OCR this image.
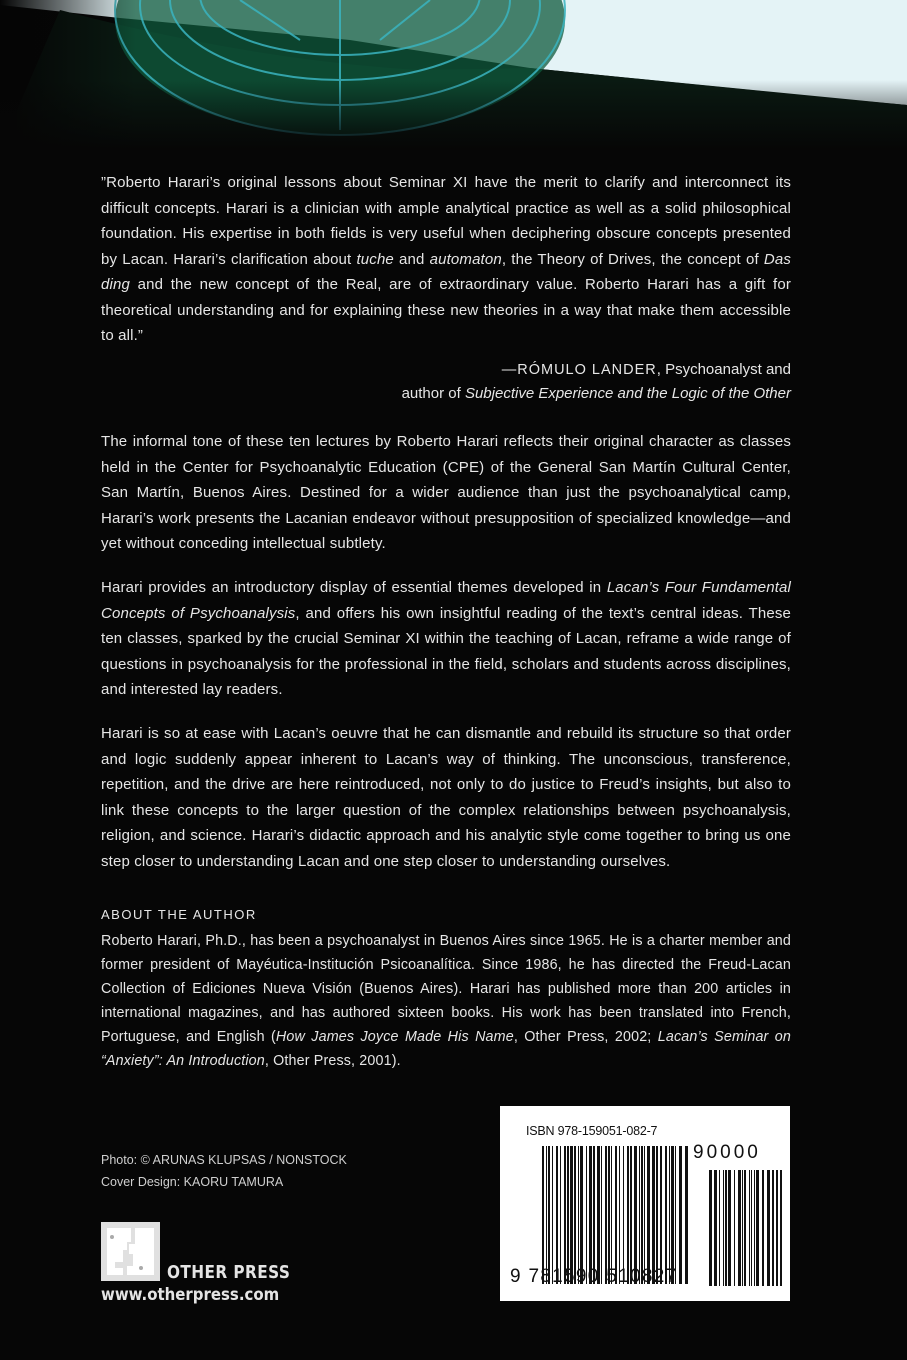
”Roberto Harari’s original lessons about Seminar XI have the merit to clarify and interconnect its difficult concepts. Harari is a clinician with ample analytical practice as well as a solid philosophical foundation. His expertise in both fields is very useful when deciphering obscure concepts presented by Lacan. Harari’s clarification about tuche and automaton, the Theory of Drives, the concept of Das ding and the new concept of the Real, are of extraordinary value. Roberto Harari has a gift for theoretical understanding and for explaining these new theories in a way that make them accessible to all.”
—RÓMULO LANDER, Psychoanalyst and
author of Subjective Experience and the Logic of the Other
The informal tone of these ten lectures by Roberto Harari reflects their original character as classes held in the Center for Psychoanalytic Education (CPE) of the General San Martín Cultural Center, San Martín, Buenos Aires. Destined for a wider audience than just the psychoanalytical camp, Harari’s work presents the Lacanian endeavor without presupposition of specialized knowledge—and yet without conceding intellectual subtlety.
Harari provides an introductory display of essential themes developed in Lacan’s Four Fundamental Concepts of Psychoanalysis, and offers his own insightful reading of the text’s central ideas. These ten classes, sparked by the crucial Seminar XI within the teaching of Lacan, reframe a wide range of questions in psychoanalysis for the professional in the field, scholars and students across disciplines, and interested lay readers.
Harari is so at ease with Lacan’s oeuvre that he can dismantle and rebuild its structure so that order and logic suddenly appear inherent to Lacan’s way of thinking. The unconscious, transference, repetition, and the drive are here reintroduced, not only to do justice to Freud’s insights, but also to link these concepts to the larger question of the complex relationships between psychoanalysis, religion, and science. Harari’s didactic approach and his analytic style come together to bring us one step closer to understanding Lacan and one step closer to understanding ourselves.
ABOUT THE AUTHOR
Roberto Harari, Ph.D., has been a psychoanalyst in Buenos Aires since 1965. He is a charter member and former president of Mayéutica-Institución Psicoanalítica. Since 1986, he has directed the Freud-Lacan Collection of Ediciones Nueva Visión (Buenos Aires). Harari has published more than 200 articles in international magazines, and has authored sixteen books. His work has been translated into French, Portuguese, and English (How James Joyce Made His Name, Other Press, 2002; Lacan’s Seminar on “Anxiety”: An Introduction, Other Press, 2001).
Photo: © ARUNAS KLUPSAS / NONSTOCK
Cover Design: KAORU TAMURA
OTHER PRESS
www.otherpress.com
ISBN 978-159051-082-7
90000
9 781590 510827
